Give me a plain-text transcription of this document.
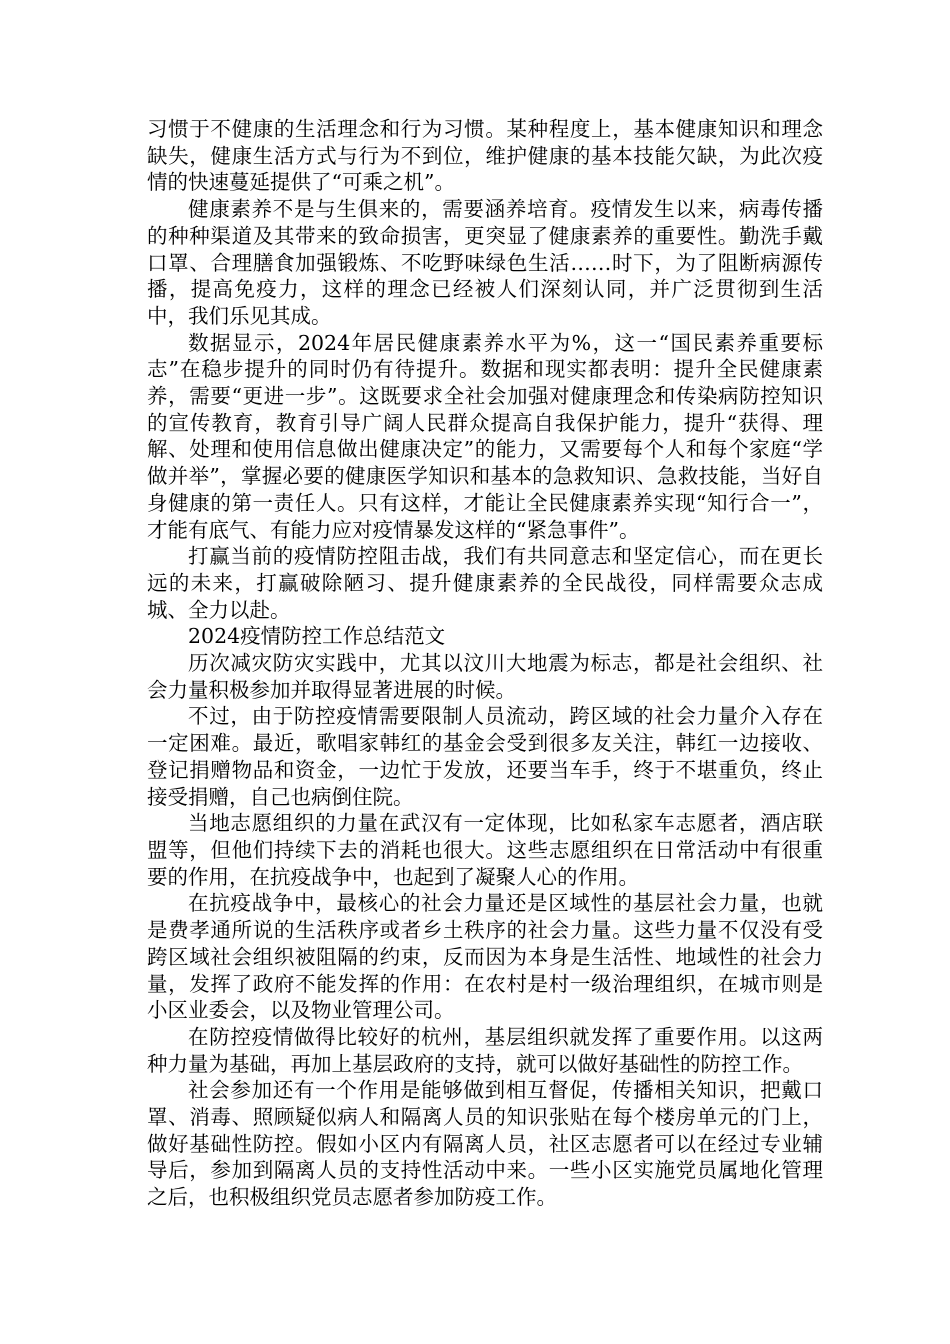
习惯于不健康的生活理念和行为习惯。某种程度上，基本健康知识和理念缺失，健康生活方式与行为不到位，维护健康的基本技能欠缺，为此次疫情的快速蔓延提供了“可乘之机”。

健康素养不是与生俱来的，需要涵养培育。疫情发生以来，病毒传播的种种渠道及其带来的致命损害，更突显了健康素养的重要性。勤洗手戴口罩、合理膳食加强锻炼、不吃野味绿色生活……时下，为了阻断病源传播，提高免疫力，这样的理念已经被人们深刻认同，并广泛贯彻到生活中，我们乐见其成。

数据显示，2024年居民健康素养水平为%，这一“国民素养重要标志”在稳步提升的同时仍有待提升。数据和现实都表明：提升全民健康素养，需要“更进一步”。这既要求全社会加强对健康理念和传染病防控知识的宣传教育，教育引导广阔人民群众提高自我保护能力，提升“获得、理解、处理和使用信息做出健康决定”的能力，又需要每个人和每个家庭“学做并举”，掌握必要的健康医学知识和基本的急救知识、急救技能，当好自身健康的第一责任人。只有这样，才能让全民健康素养实现“知行合一”，才能有底气、有能力应对疫情暴发这样的“紧急事件”。

打赢当前的疫情防控阻击战，我们有共同意志和坚定信心，而在更长远的未来，打赢破除陋习、提升健康素养的全民战役，同样需要众志成城、全力以赴。

2024疫情防控工作总结范文

历次减灾防灾实践中，尤其以汶川大地震为标志，都是社会组织、社会力量积极参加并取得显著进展的时候。

不过，由于防控疫情需要限制人员流动，跨区域的社会力量介入存在一定困难。最近，歌唱家韩红的基金会受到很多友关注，韩红一边接收、登记捐赠物品和资金，一边忙于发放，还要当车手，终于不堪重负，终止接受捐赠，自己也病倒住院。

当地志愿组织的力量在武汉有一定体现，比如私家车志愿者，酒店联盟等，但他们持续下去的消耗也很大。这些志愿组织在日常活动中有很重要的作用，在抗疫战争中，也起到了凝聚人心的作用。

在抗疫战争中，最核心的社会力量还是区域性的基层社会力量，也就是费孝通所说的生活秩序或者乡土秩序的社会力量。这些力量不仅没有受跨区域社会组织被阻隔的约束，反而因为本身是生活性、地域性的社会力量，发挥了政府不能发挥的作用：在农村是村一级治理组织，在城市则是小区业委会，以及物业管理公司。

在防控疫情做得比较好的杭州，基层组织就发挥了重要作用。以这两种力量为基础，再加上基层政府的支持，就可以做好基础性的防控工作。

社会参加还有一个作用是能够做到相互督促，传播相关知识，把戴口罩、消毒、照顾疑似病人和隔离人员的知识张贴在每个楼房单元的门上，做好基础性防控。假如小区内有隔离人员，社区志愿者可以在经过专业辅导后，参加到隔离人员的支持性活动中来。一些小区实施党员属地化管理之后，也积极组织党员志愿者参加防疫工作。
